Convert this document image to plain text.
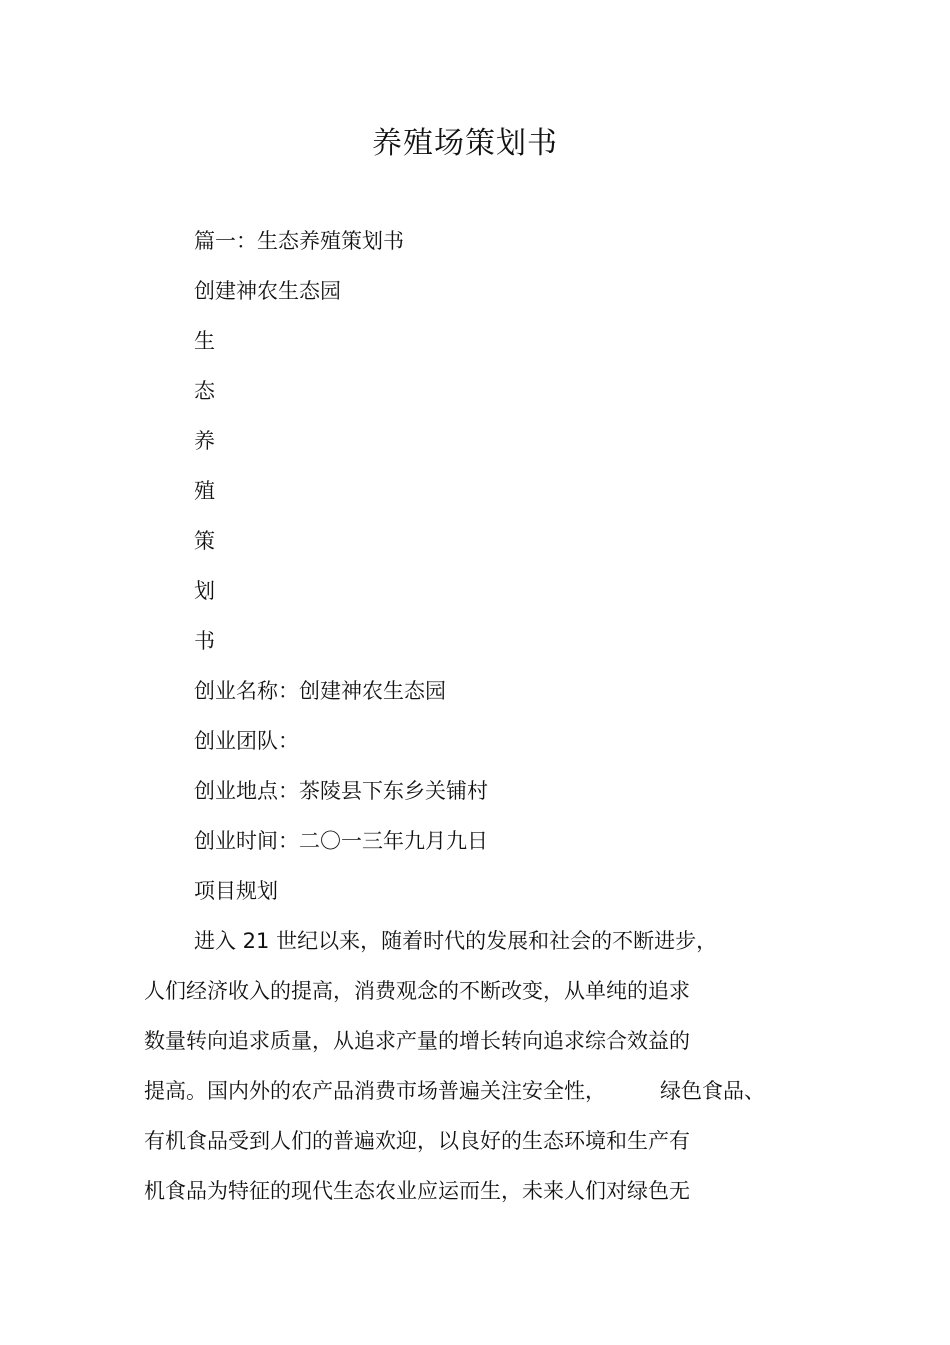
养殖场策划书
篇一：生态养殖策划书
创建神农生态园
生
态
养
殖
策
划
书
创业名称：创建神农生态园
创业团队：
创业地点：茶陵县下东乡关铺村
创业时间：二〇一三年九月九日
项目规划
进入 21 世纪以来，随着时代的发展和社会的不断进步，
人们经济收入的提高，消费观念的不断改变，从单纯的追求
数量转向追求质量，从追求产量的增长转向追求综合效益的
提高。国内外的农产品消费市场普遍关注安全性，	绿色食品、
有机食品受到人们的普遍欢迎，以良好的生态环境和生产有
机食品为特征的现代生态农业应运而生，未来人们对绿色无
